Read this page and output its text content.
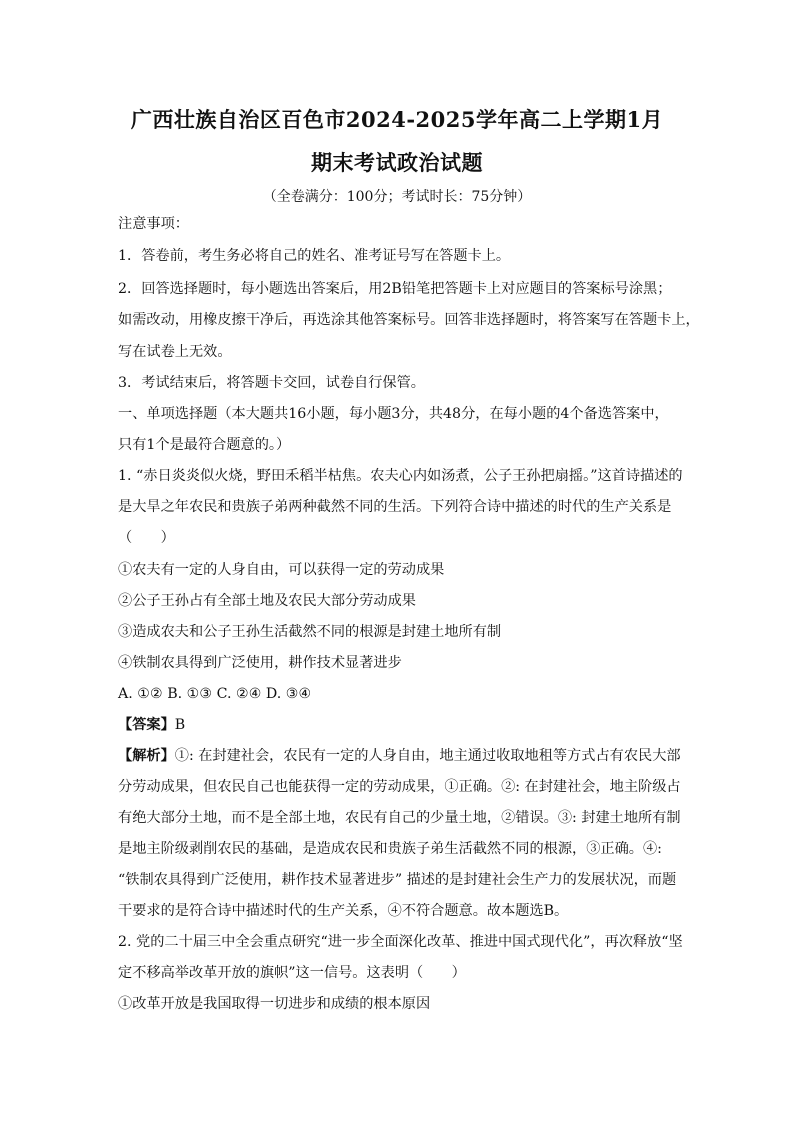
广西壮族自治区百色市2024-2025学年高二上学期1月
期末考试政治试题
（全卷满分：100分；考试时长：75分钟）
注意事项：
1．答卷前，考生务必将自己的姓名、准考证号写在答题卡上。
2．回答选择题时，每小题选出答案后，用2B铅笔把答题卡上对应题目的答案标号涂黑；
如需改动，用橡皮擦干净后，再选涂其他答案标号。回答非选择题时，将答案写在答题卡上，
写在试卷上无效。
3．考试结束后，将答题卡交回，试卷自行保管。
一、单项选择题（本大题共16小题，每小题3分，共48分，在每小题的4个备选答案中，
只有1个是最符合题意的。）
1. “赤日炎炎似火烧，野田禾稻半枯焦。农夫心内如汤煮，公子王孙把扇摇。”这首诗描述的
是大旱之年农民和贵族子弟两种截然不同的生活。下列符合诗中描述的时代的生产关系是
（　　）
①农夫有一定的人身自由，可以获得一定的劳动成果
②公子王孙占有全部土地及农民大部分劳动成果
③造成农夫和公子王孙生活截然不同的根源是封建土地所有制
④铁制农具得到广泛使用，耕作技术显著进步
A. ①② B. ①③ C. ②④ D. ③④
【答案】B
【解析】①: 在封建社会，农民有一定的人身自由，地主通过收取地租等方式占有农民大部
分劳动成果，但农民自己也能获得一定的劳动成果，①正确。②: 在封建社会，地主阶级占
有绝大部分土地，而不是全部土地，农民有自己的少量土地，②错误。③: 封建土地所有制
是地主阶级剥削农民的基础，是造成农民和贵族子弟生活截然不同的根源，③正确。④:
“铁制农具得到广泛使用，耕作技术显著进步” 描述的是封建社会生产力的发展状况，而题
干要求的是符合诗中描述时代的生产关系，④不符合题意。故本题选B。
2. 党的二十届三中全会重点研究“进一步全面深化改革、推进中国式现代化”，再次释放“坚
定不移高举改革开放的旗帜”这一信号。这表明（　　）
①改革开放是我国取得一切进步和成绩的根本原因
